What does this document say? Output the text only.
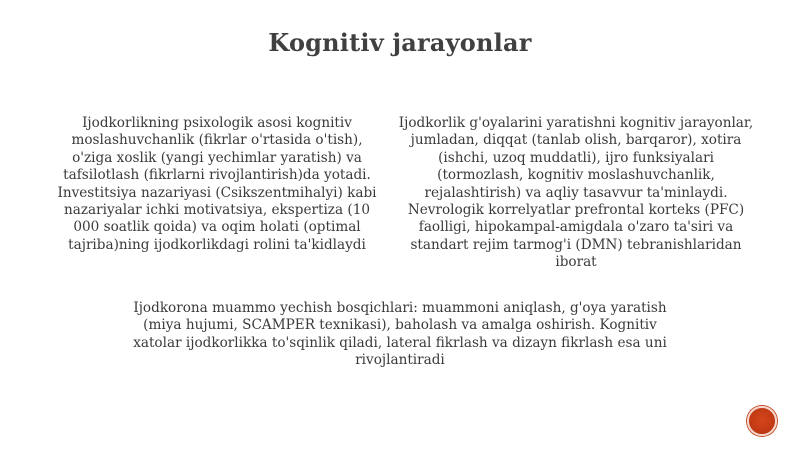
Kognitiv jarayonlar
Ijodkorlikning psixologik asosi kognitiv moslashuvchanlik (fikrlar o'rtasida o'tish), o'ziga xoslik (yangi yechimlar yaratish) va tafsilotlash (fikrlarni rivojlantirish)da yotadi. Investitsiya nazariyasi (Csikszentmihalyi) kabi nazariyalar ichki motivatsiya, ekspertiza (10 000 soatlik qoida) va oqim holati (optimal tajriba)ning ijodkorlikdagi rolini ta'kidlaydi
Ijodkorlik g'oyalarini yaratishni kognitiv jarayonlar, jumladan, diqqat (tanlab olish, barqaror), xotira (ishchi, uzoq muddatli), ijro funksiyalari (tormozlash, kognitiv moslashuvchanlik, rejalashtirish) va aqliy tasavvur ta'minlaydi. Nevrologik korrelyatlar prefrontal korteks (PFC) faolligi, hipokampal-amigdala o'zaro ta'siri va standart rejim tarmog'i (DMN) tebranishlaridan iborat
Ijodkorona muammo yechish bosqichlari: muammoni aniqlash, g'oya yaratish (miya hujumi, SCAMPER texnikasi), baholash va amalga oshirish. Kognitiv xatolar ijodkorlikka to'sqinlik qiladi, lateral fikrlash va dizayn fikrlash esa uni rivojlantiradi
